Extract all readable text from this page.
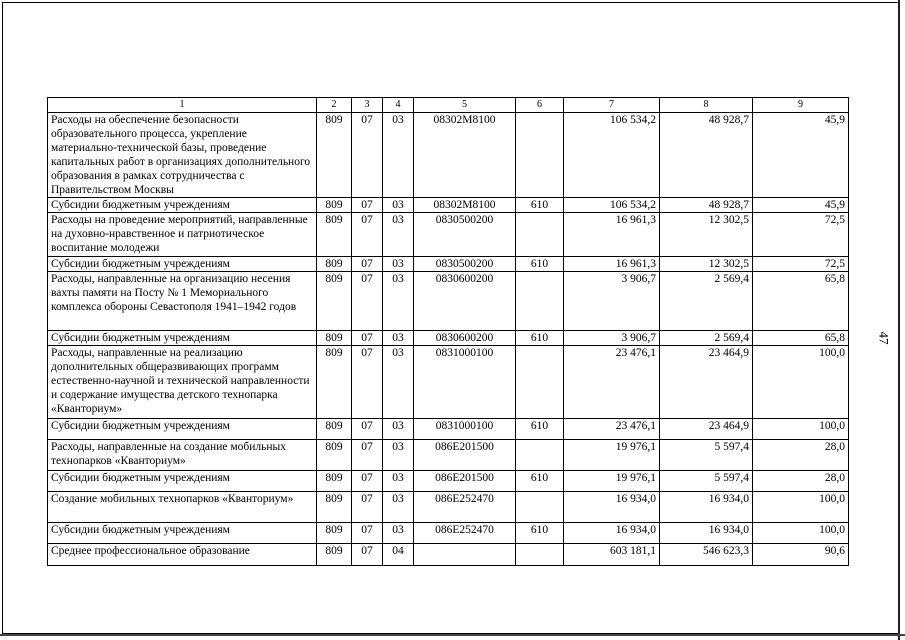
47
1	2	3	4	5	6	7	8	9
Расходы на обеспечение безопасности образовательного процесса, укрепление материально-технической базы, проведение капитальных работ в организациях дополнительного образования в рамках сотрудничества с Правительством Москвы	809	07	03	08302М8100		106 534,2	48 928,7	45,9
Субсидии бюджетным учреждениям	809	07	03	08302М8100	610	106 534,2	48 928,7	45,9
Расходы на проведение мероприятий, направленные на духовно-нравственное и патриотическое воспитание молодежи	809	07	03	0830500200		16 961,3	12 302,5	72,5
Субсидии бюджетным учреждениям	809	07	03	0830500200	610	16 961,3	12 302,5	72,5
Расходы, направленные на организацию несения вахты памяти на Посту № 1 Мемориального комплекса обороны Севастополя 1941–1942 годов	809	07	03	0830600200		3 906,7	2 569,4	65,8
Субсидии бюджетным учреждениям	809	07	03	0830600200	610	3 906,7	2 569,4	65,8
Расходы, направленные на реализацию дополнительных общеразвивающих программ естественно-научной и технической направленности и содержание имущества детского технопарка «Кванториум»	809	07	03	0831000100		23 476,1	23 464,9	100,0
Субсидии бюджетным учреждениям	809	07	03	0831000100	610	23 476,1	23 464,9	100,0
Расходы, направленные на создание мобильных технопарков «Кванториум»	809	07	03	086Е201500		19 976,1	5 597,4	28,0
Субсидии бюджетным учреждениям	809	07	03	086Е201500	610	19 976,1	5 597,4	28,0
Создание мобильных технопарков «Кванториум»	809	07	03	086Е252470		16 934,0	16 934,0	100,0
Субсидии бюджетным учреждениям	809	07	03	086Е252470	610	16 934,0	16 934,0	100,0
Среднее профессиональное образование	809	07	04			603 181,1	546 623,3	90,6
